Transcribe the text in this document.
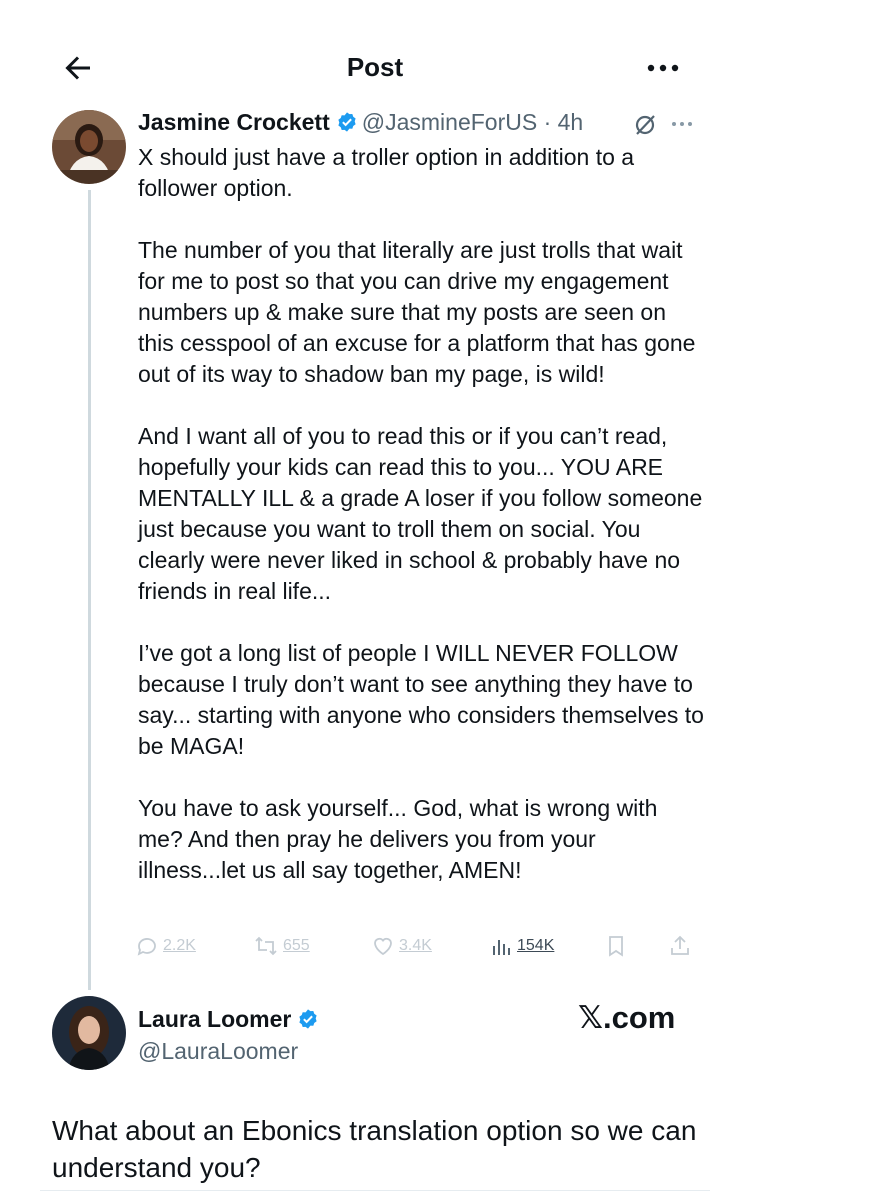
Post
Jasmine Crockett @JasmineForUS · 4h
X should just have a troller option in addition to a follower option.

The number of you that literally are just trolls that wait for me to post so that you can drive my engagement numbers up & make sure that my posts are seen on this cesspool of an excuse for a platform that has gone out of its way to shadow ban my page, is wild!

And I want all of you to read this or if you can’t read, hopefully your kids can read this to you... YOU ARE MENTALLY ILL & a grade A loser if you follow someone just because you want to troll them on social. You clearly were never liked in school & probably have no friends in real life...

I’ve got a long list of people I WILL NEVER FOLLOW because I truly don’t want to see anything they have to say... starting with anyone who considers themselves to be MAGA!

You have to ask yourself... God, what is wrong with me? And then pray he delivers you from your illness...let us all say together, AMEN!
2.2K	655	3.4K	154K
Laura Loomer
@LauraLoomer
𝕏.com
What about an Ebonics translation option so we can understand you?
